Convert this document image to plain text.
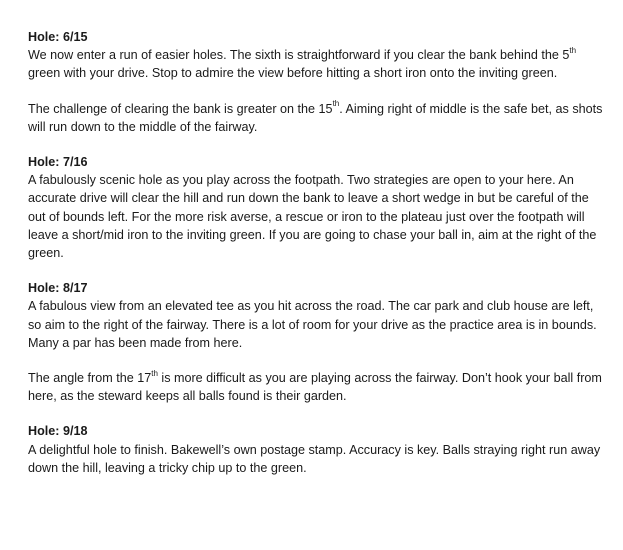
Hole: 6/15

We now enter a run of easier holes. The sixth is straightforward if you clear the bank behind the 5th green with your drive. Stop to admire the view before hitting a short iron onto the inviting green.

The challenge of clearing the bank is greater on the 15th. Aiming right of middle is the safe bet, as shots will run down to the middle of the fairway.

Hole: 7/16

A fabulously scenic hole as you play across the footpath. Two strategies are open to your here. An accurate drive will clear the hill and run down the bank to leave a short wedge in but be careful of the out of bounds left. For the more risk averse, a rescue or iron to the plateau just over the footpath will leave a short/mid iron to the inviting green. If you are going to chase your ball in, aim at the right of the green.

Hole: 8/17

A fabulous view from an elevated tee as you hit across the road. The car park and club house are left, so aim to the right of the fairway. There is a lot of room for your drive as the practice area is in bounds. Many a par has been made from here.

The angle from the 17th is more difficult as you are playing across the fairway. Don’t hook your ball from here, as the steward keeps all balls found is their garden.

Hole: 9/18

A delightful hole to finish. Bakewell’s own postage stamp. Accuracy is key. Balls straying right run away down the hill, leaving a tricky chip up to the green.
